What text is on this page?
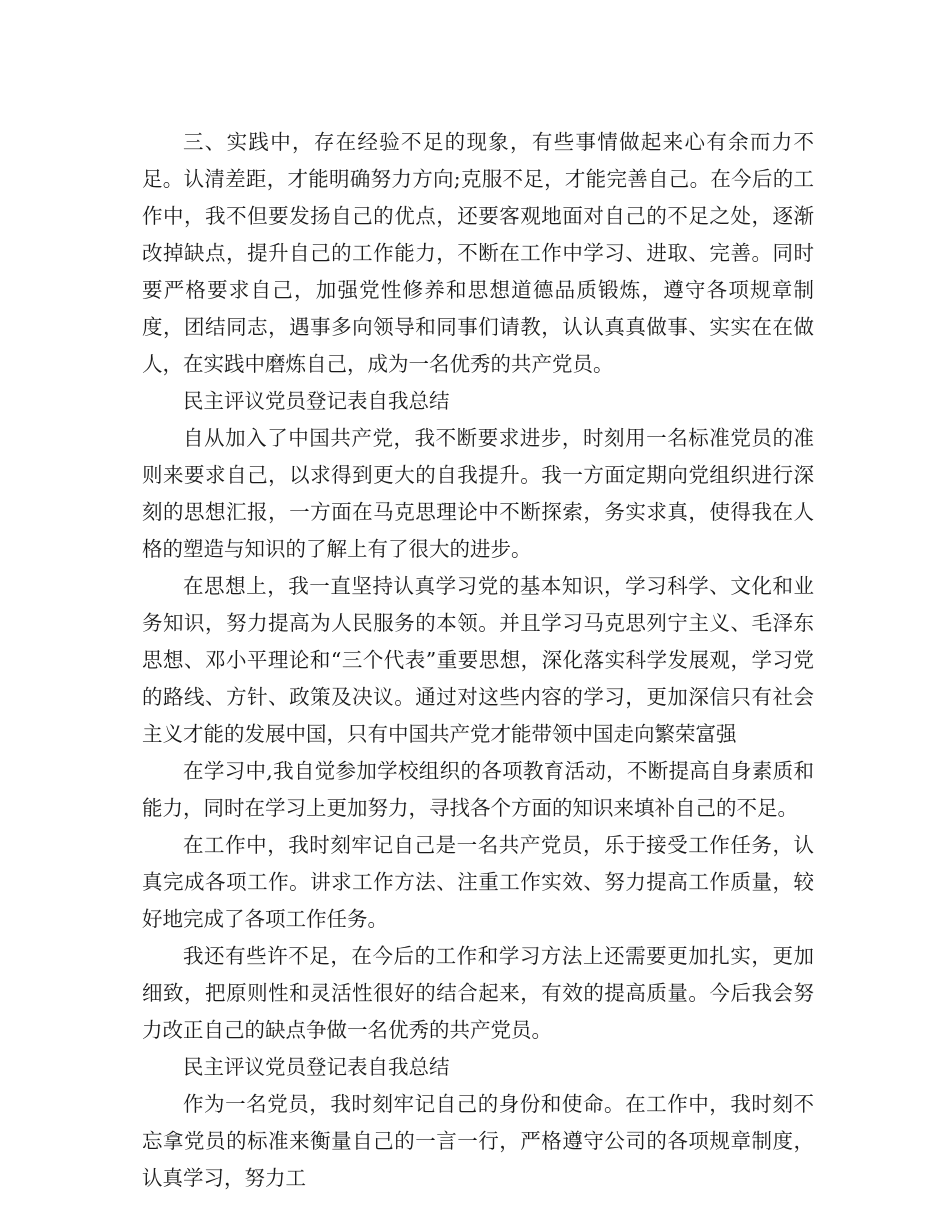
三、实践中，存在经验不足的现象，有些事情做起来心有余而力不足。认清差距，才能明确努力方向;克服不足，才能完善自己。在今后的工作中，我不但要发扬自己的优点，还要客观地面对自己的不足之处，逐渐改掉缺点，提升自己的工作能力，不断在工作中学习、进取、完善。同时要严格要求自己，加强党性修养和思想道德品质锻炼，遵守各项规章制度，团结同志，遇事多向领导和同事们请教，认认真真做事、实实在在做人，在实践中磨炼自己，成为一名优秀的共产党员。

民主评议党员登记表自我总结

自从加入了中国共产党，我不断要求进步，时刻用一名标准党员的准则来要求自己，以求得到更大的自我提升。我一方面定期向党组织进行深刻的思想汇报，一方面在马克思理论中不断探索，务实求真，使得我在人格的塑造与知识的了解上有了很大的进步。

在思想上，我一直坚持认真学习党的基本知识，学习科学、文化和业务知识，努力提高为人民服务的本领。并且学习马克思列宁主义、毛泽东思想、邓小平理论和“三个代表”重要思想，深化落实科学发展观，学习党的路线、方针、政策及决议。通过对这些内容的学习，更加深信只有社会主义才能的发展中国，只有中国共产党才能带领中国走向繁荣富强

在学习中,我自觉参加学校组织的各项教育活动，不断提高自身素质和能力，同时在学习上更加努力，寻找各个方面的知识来填补自己的不足。

在工作中，我时刻牢记自己是一名共产党员，乐于接受工作任务，认真完成各项工作。讲求工作方法、注重工作实效、努力提高工作质量，较好地完成了各项工作任务。

我还有些许不足，在今后的工作和学习方法上还需要更加扎实，更加细致，把原则性和灵活性很好的结合起来，有效的提高质量。今后我会努力改正自己的缺点争做一名优秀的共产党员。

民主评议党员登记表自我总结

作为一名党员，我时刻牢记自己的身份和使命。在工作中，我时刻不忘拿党员的标准来衡量自己的一言一行，严格遵守公司的各项规章制度，认真学习，努力工
